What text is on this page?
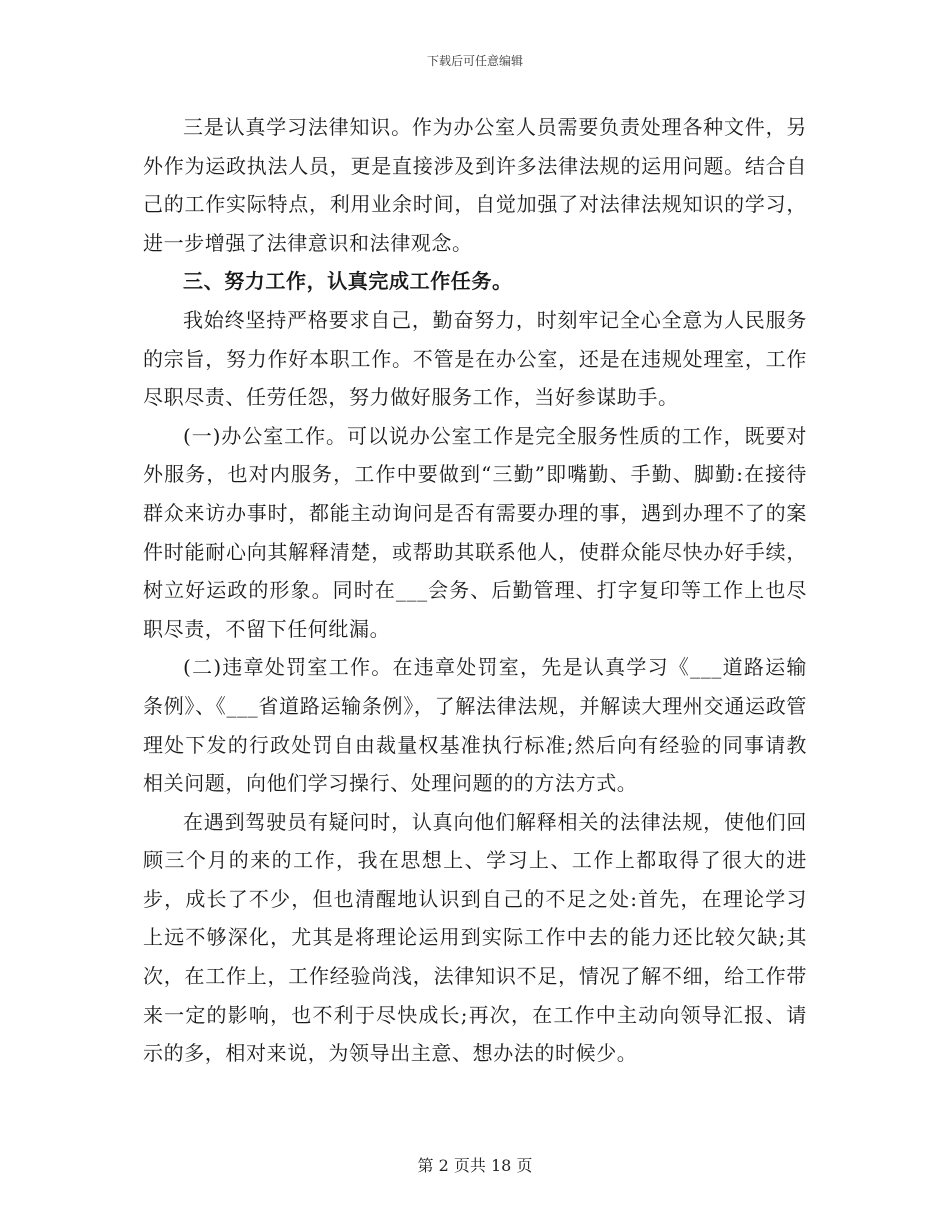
下载后可任意编辑

三是认真学习法律知识。作为办公室人员需要负责处理各种文件，另外作为运政执法人员，更是直接涉及到许多法律法规的运用问题。结合自己的工作实际特点，利用业余时间，自觉加强了对法律法规知识的学习，进一步增强了法律意识和法律观念。

三、努力工作，认真完成工作任务。

我始终坚持严格要求自己，勤奋努力，时刻牢记全心全意为人民服务的宗旨，努力作好本职工作。不管是在办公室，还是在违规处理室，工作尽职尽责、任劳任怨，努力做好服务工作，当好参谋助手。

(一)办公室工作。可以说办公室工作是完全服务性质的工作，既要对外服务，也对内服务，工作中要做到“三勤”即嘴勤、手勤、脚勤:在接待群众来访办事时，都能主动询问是否有需要办理的事，遇到办理不了的案件时能耐心向其解释清楚，或帮助其联系他人，使群众能尽快办好手续，树立好运政的形象。同时在___会务、后勤管理、打字复印等工作上也尽职尽责，不留下任何纰漏。

(二)违章处罚室工作。在违章处罚室，先是认真学习《___道路运输条例》、《___省道路运输条例》，了解法律法规，并解读大理州交通运政管理处下发的行政处罚自由裁量权基准执行标准;然后向有经验的同事请教相关问题，向他们学习操行、处理问题的的方法方式。

在遇到驾驶员有疑问时，认真向他们解释相关的法律法规，使他们回顾三个月的来的工作，我在思想上、学习上、工作上都取得了很大的进步，成长了不少，但也清醒地认识到自己的不足之处:首先，在理论学习上远不够深化，尤其是将理论运用到实际工作中去的能力还比较欠缺;其次，在工作上，工作经验尚浅，法律知识不足，情况了解不细，给工作带来一定的影响，也不利于尽快成长;再次，在工作中主动向领导汇报、请示的多，相对来说，为领导出主意、想办法的时候少。

第 2 页共 18 页
